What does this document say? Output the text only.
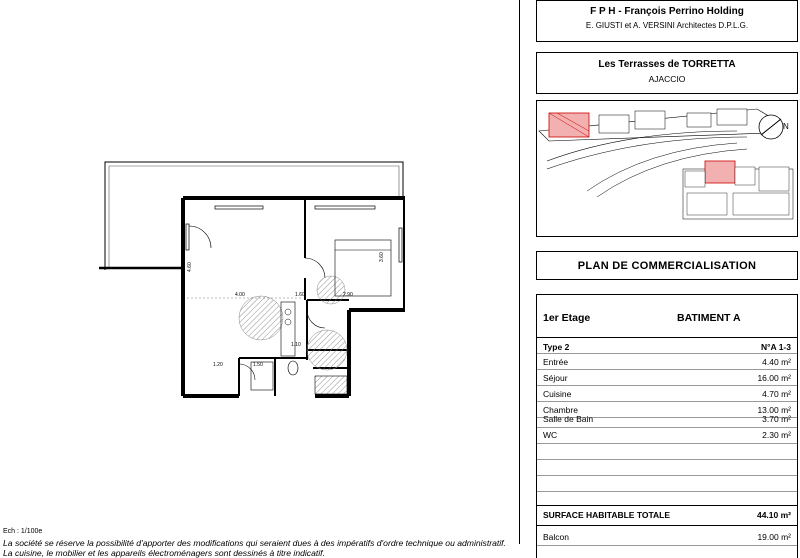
4.60
4.00	1.60	2.90
3.60
1.20	1.50
1.10
Ech : 1/100e
La société se réserve la possibilité d'apporter des modifications qui seraient dues à des impératifs d'ordre technique ou administratif.
La cuisine, le mobilier et les appareils électroménagers sont dessinés à titre indicatif.
F P H - François Perrino Holding
E. GIUSTI et A. VERSINI Architectes D.P.L.G.
Les Terrasses de TORRETTA
AJACCIO
N
PLAN DE COMMERCIALISATION
1er Etage	BATIMENT A
Type 2	N°A 1-3
Entrée	4.40 m²
Séjour	16.00 m²
Cuisine	4.70 m²
Chambre	13.00 m²
Salle de Bain	3.70 m²
WC	2.30 m²
SURFACE HABITABLE TOTALE	44.10 m²
Balcon	19.00 m²
